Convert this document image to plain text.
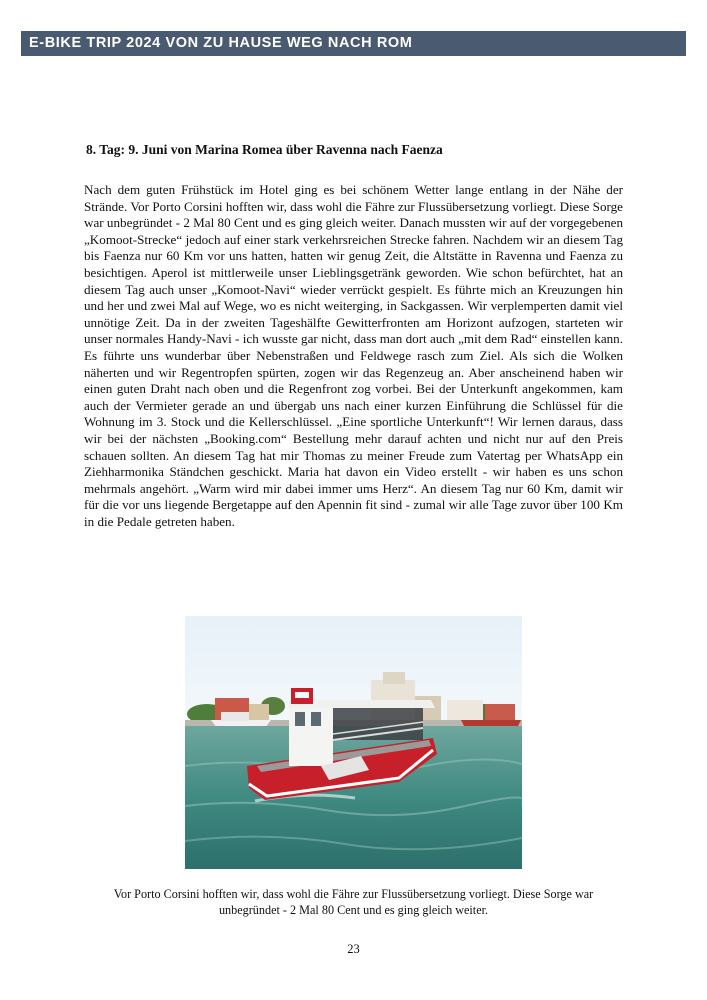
E-BIKE TRIP 2024 VON ZU HAUSE WEG NACH ROM
8. Tag: 9. Juni von Marina Romea über Ravenna nach Faenza

Nach dem guten Frühstück im Hotel ging es bei schönem Wetter lange entlang in der Nähe der Strände. Vor Porto Corsini hofften wir, dass wohl die Fähre zur Flussübersetzung vorliegt. Diese Sorge war unbegründet - 2 Mal 80 Cent und es ging gleich weiter. Danach mussten wir auf der vorgegebenen „Komoot-Strecke“ jedoch auf einer stark verkehrsreichen Strecke fahren. Nachdem wir an diesem Tag bis Faenza nur 60 Km vor uns hatten, hatten wir genug Zeit, die Altstätte in Ravenna und Faenza zu besichtigen. Aperol ist mittlerweile unser Lieblingsgetränk geworden. Wie schon befürchtet, hat an diesem Tag auch unser „Komoot-Navi“ wieder verrückt gespielt. Es führte mich an Kreuzungen hin und her und zwei Mal auf Wege, wo es nicht weiterging, in Sackgassen. Wir verplemperten damit viel unnötige Zeit. Da in der zweiten Tageshälfte Gewitterfronten am Horizont aufzogen, starteten wir unser normales Handy-Navi - ich wusste gar nicht, dass man dort auch „mit dem Rad“ einstellen kann. Es führte uns wunderbar über Nebenstraßen und Feldwege rasch zum Ziel. Als sich die Wolken näherten und wir Regentropfen spürten, zogen wir das Regenzeug an. Aber anscheinend haben wir einen guten Draht nach oben und die Regenfront zog vorbei. Bei der Unterkunft angekommen, kam auch der Vermieter gerade an und übergab uns nach einer kurzen Einführung die Schlüssel für die Wohnung im 3. Stock und die Kellerschlüssel. „Eine sportliche Unterkunft“! Wir lernen daraus, dass wir bei der nächsten „Booking.com“ Bestellung mehr darauf achten und nicht nur auf den Preis schauen sollten. An diesem Tag hat mir Thomas zu meiner Freude zum Vatertag per WhatsApp ein Ziehharmonika Ständchen geschickt. Maria hat davon ein Video erstellt - wir haben es uns schon mehrmals angehört. „Warm wird mir dabei immer ums Herz“. An diesem Tag nur 60 Km, damit wir für die vor uns liegende Bergetappe auf den Apennin fit sind - zumal wir alle Tage zuvor über 100 Km in die Pedale getreten haben.

Vor Porto Corsini hofften wir, dass wohl die Fähre zur Flussübersetzung vorliegt. Diese Sorge war unbegründet - 2 Mal 80 Cent und es ging gleich weiter.
23
